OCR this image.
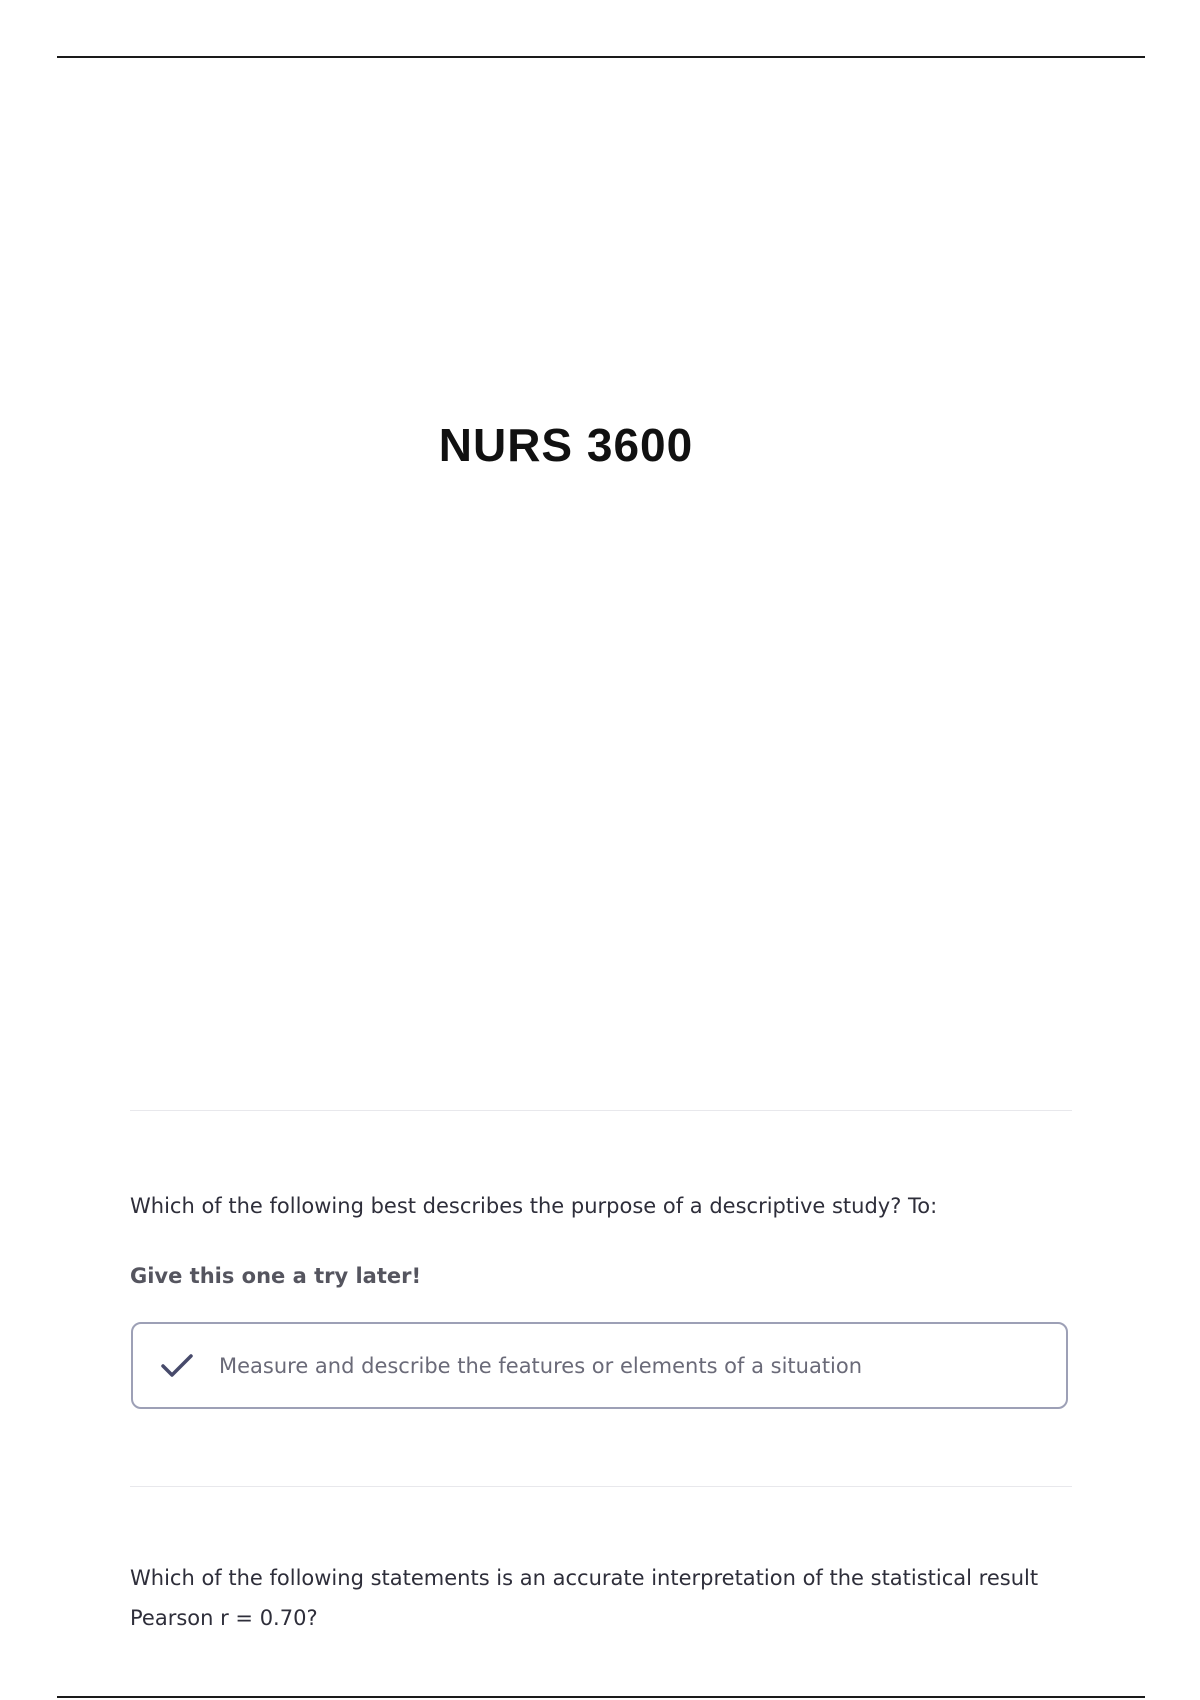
NURS 3600

Which of the following best describes the purpose of a descriptive study? To:

Give this one a try later!

Measure and describe the features or elements of a situation

Which of the following statements is an accurate interpretation of the statistical result Pearson r = 0.70?
